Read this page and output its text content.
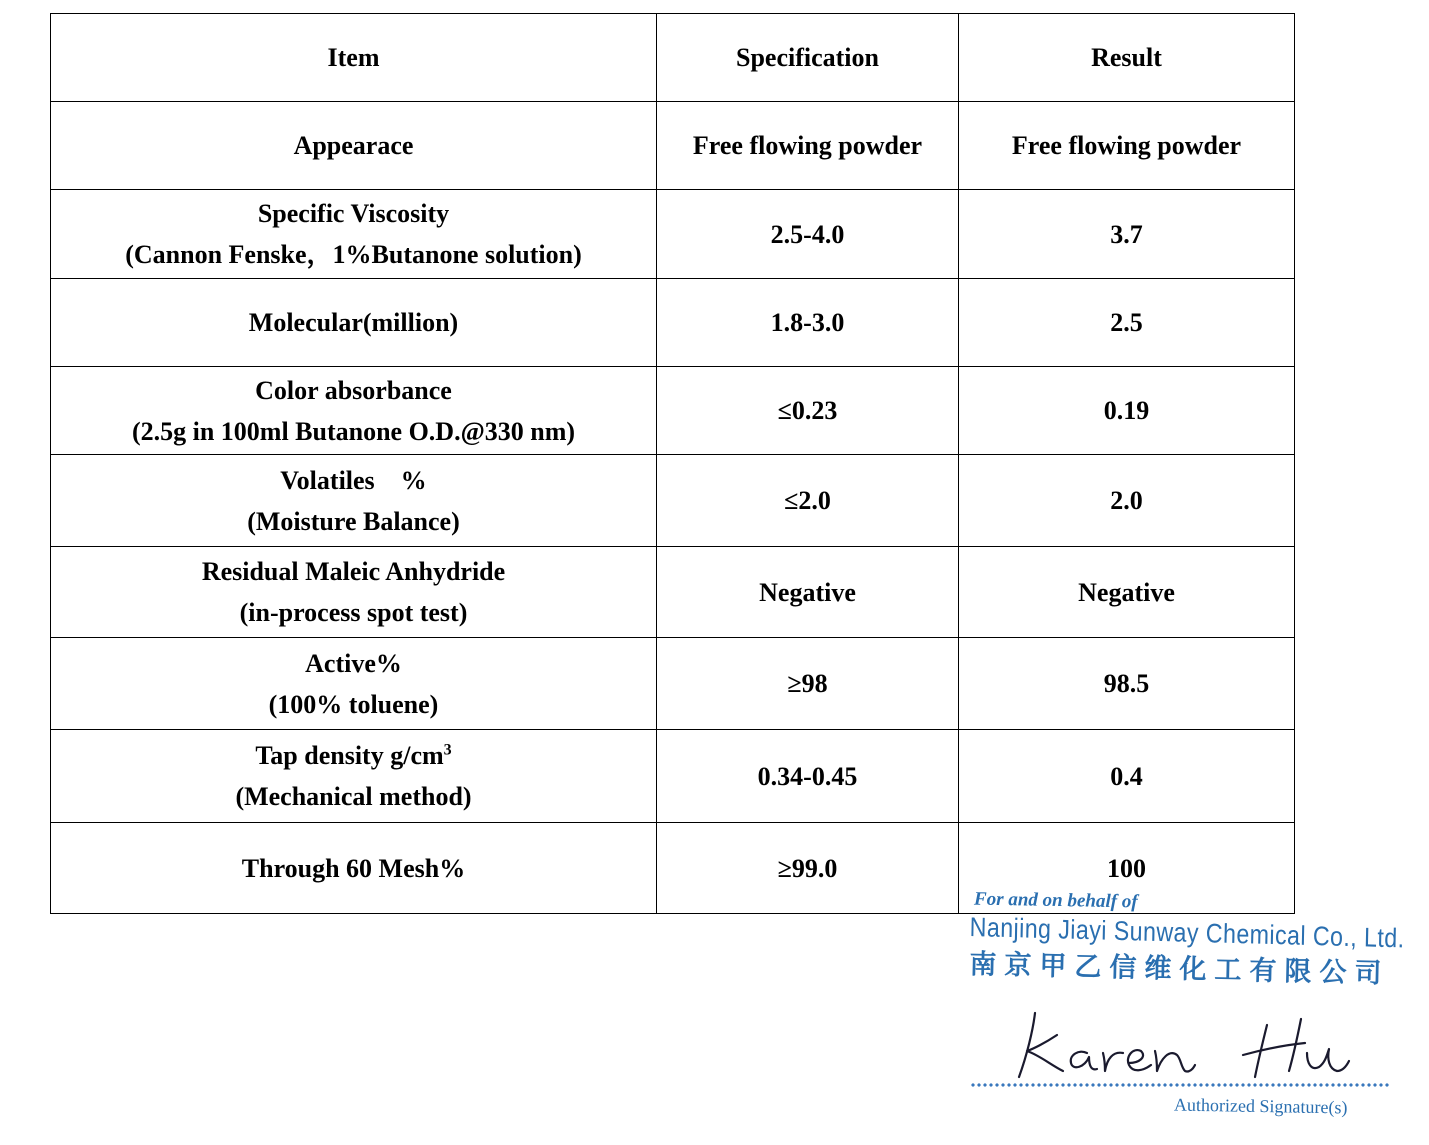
Item	Specification	Result

Appearace	Free flowing powder	Free flowing powder

Specific Viscosity
(Cannon Fenske，1%Butanone solution)	2.5-4.0	3.7

Molecular(million)	1.8-3.0	2.5

Color absorbance
(2.5g in 100ml Butanone O.D.@330 nm)	≤0.23	0.19

Volatiles　%
(Moisture Balance)	≤2.0	2.0

Residual Maleic Anhydride
(in-process spot test)	Negative	Negative

Active%
(100% toluene)	≥98	98.5

Tap density $g/cm^3$
(Mechanical method)	0.34-0.45	0.4

Through 60 Mesh%	≥99.0	100
For and on behalf of
Nanjing Jiayi Sunway Chemical Co., Ltd.
南京甲乙信维化工有限公司
Authorized Signature(s)
